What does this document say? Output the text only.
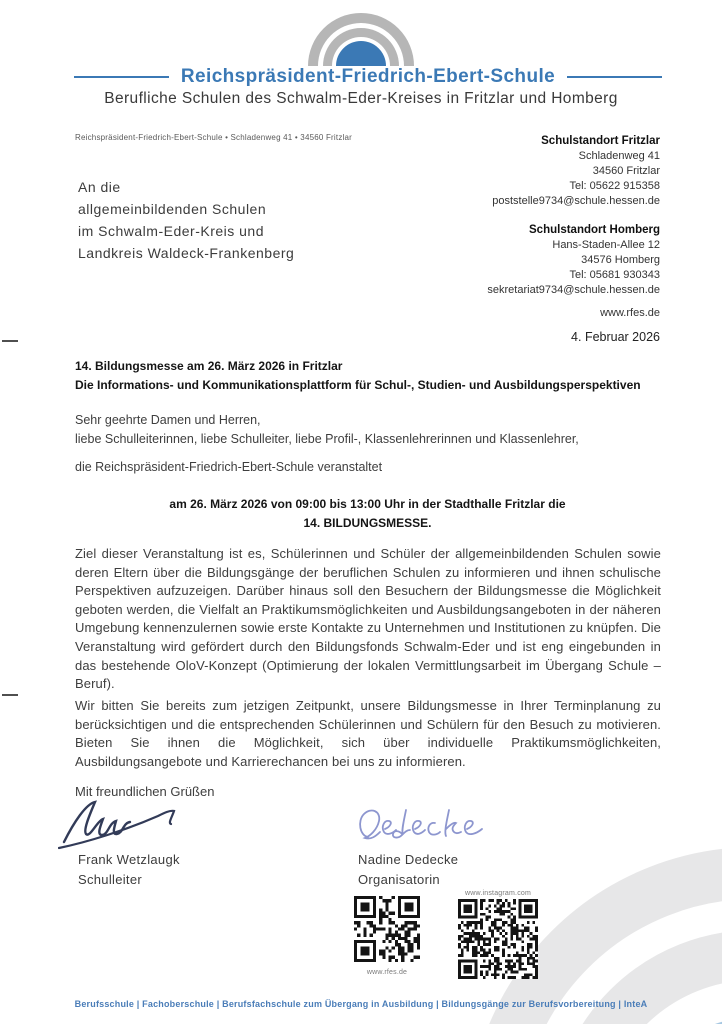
Reichspräsident-Friedrich-Ebert-Schule
Berufliche Schulen des Schwalm-Eder-Kreises in Fritzlar und Homberg
Reichspräsident-Friedrich-Ebert-Schule • Schladenweg 41 • 34560 Fritzlar
An die
allgemeinbildenden Schulen
im Schwalm-Eder-Kreis und
Landkreis Waldeck-Frankenberg
Schulstandort Fritzlar
Schladenweg 41
34560 Fritzlar
Tel: 05622 915358
poststelle9734@schule.hessen.de
Schulstandort Homberg
Hans-Staden-Allee 12
34576 Homberg
Tel: 05681 930343
sekretariat9734@schule.hessen.de
www.rfes.de
4. Februar 2026
14. Bildungsmesse am 26. März 2026 in Fritzlar
Die Informations- und Kommunikationsplattform für Schul-, Studien- und Ausbildungsperspektiven
Sehr geehrte Damen und Herren,
liebe Schulleiterinnen, liebe Schulleiter, liebe Profil-, Klassenlehrerinnen und Klassenlehrer,
die Reichspräsident-Friedrich-Ebert-Schule veranstaltet
am 26. März 2026 von 09:00 bis 13:00 Uhr in der Stadthalle Fritzlar die
14. BILDUNGSMESSE.
Ziel dieser Veranstaltung ist es, Schülerinnen und Schüler der allgemeinbildenden Schulen sowie deren Eltern über die Bildungsgänge der beruflichen Schulen zu informieren und ihnen schulische Perspektiven aufzuzeigen. Darüber hinaus soll den Besuchern der Bildungsmesse die Möglichkeit geboten werden, die Vielfalt an Praktikumsmöglichkeiten und Ausbildungsangeboten in der näheren Umgebung kennenzulernen sowie erste Kontakte zu Unternehmen und Institutionen zu knüpfen. Die Veranstaltung wird gefördert durch den Bildungsfonds Schwalm-Eder und ist eng eingebunden in das bestehende OloV-Konzept (Optimierung der lokalen Vermittlungsarbeit im Übergang Schule – Beruf).
Wir bitten Sie bereits zum jetzigen Zeitpunkt, unsere Bildungsmesse in Ihrer Terminplanung zu berücksichtigen und die entsprechenden Schülerinnen und Schülern für den Besuch zu motivieren. Bieten Sie ihnen die Möglichkeit, sich über individuelle Praktikumsmöglichkeiten, Ausbildungsangebote und Karrierechancen bei uns zu informieren.
Mit freundlichen Grüßen
Frank Wetzlaugk
Schulleiter
Nadine Dedecke
Organisatorin
www.rfes.de
www.instagram.com
Berufsschule | Fachoberschule | Berufsfachschule zum Übergang in Ausbildung | Bildungsgänge zur Berufsvorbereitung | InteA
